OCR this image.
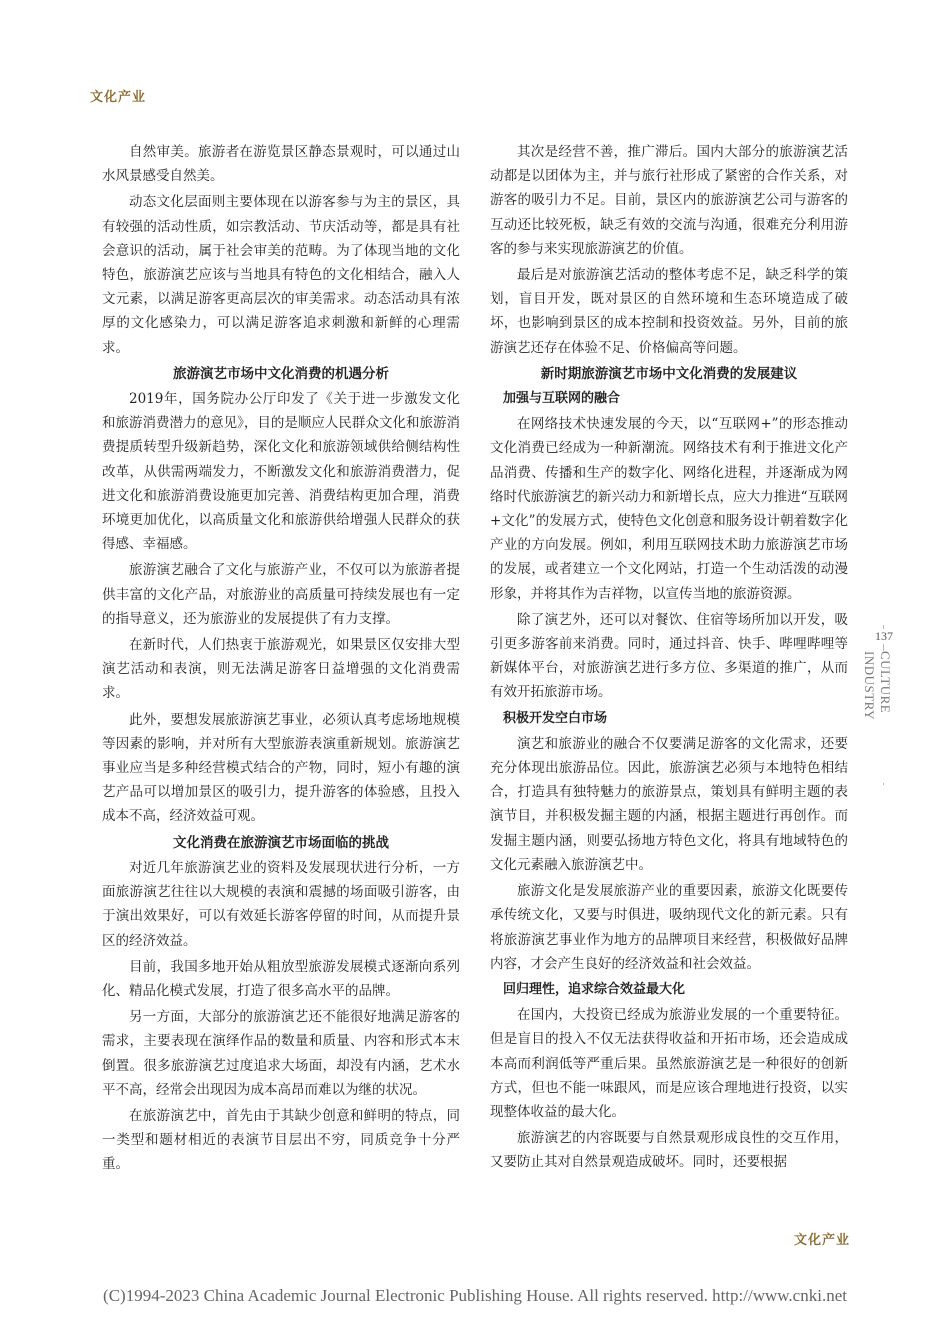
文化产业

自然审美。旅游者在游览景区静态景观时，可以通过山水风景感受自然美。

动态文化层面则主要体现在以游客参与为主的景区，具有较强的活动性质，如宗教活动、节庆活动等，都是具有社会意识的活动，属于社会审美的范畴。为了体现当地的文化特色，旅游演艺应该与当地具有特色的文化相结合，融入人文元素，以满足游客更高层次的审美需求。动态活动具有浓厚的文化感染力，可以满足游客追求刺激和新鲜的心理需求。

旅游演艺市场中文化消费的机遇分析

2019年，国务院办公厅印发了《关于进一步激发文化和旅游消费潜力的意见》，目的是顺应人民群众文化和旅游消费提质转型升级新趋势，深化文化和旅游领域供给侧结构性改革，从供需两端发力，不断激发文化和旅游消费潜力，促进文化和旅游消费设施更加完善、消费结构更加合理，消费环境更加优化，以高质量文化和旅游供给增强人民群众的获得感、幸福感。

旅游演艺融合了文化与旅游产业，不仅可以为旅游者提供丰富的文化产品，对旅游业的高质量可持续发展也有一定的指导意义，还为旅游业的发展提供了有力支撑。

在新时代，人们热衷于旅游观光，如果景区仅安排大型演艺活动和表演，则无法满足游客日益增强的文化消费需求。

此外，要想发展旅游演艺事业，必须认真考虑场地规模等因素的影响，并对所有大型旅游表演重新规划。旅游演艺事业应当是多种经营模式结合的产物，同时，短小有趣的演艺产品可以增加景区的吸引力，提升游客的体验感，且投入成本不高，经济效益可观。

文化消费在旅游演艺市场面临的挑战

对近几年旅游演艺业的资料及发展现状进行分析，一方面旅游演艺往往以大规模的表演和震撼的场面吸引游客，由于演出效果好，可以有效延长游客停留的时间，从而提升景区的经济效益。

目前，我国多地开始从粗放型旅游发展模式逐渐向系列化、精品化模式发展，打造了很多高水平的品牌。

另一方面，大部分的旅游演艺还不能很好地满足游客的需求，主要表现在演绎作品的数量和质量、内容和形式本末倒置。很多旅游演艺过度追求大场面，却没有内涵，艺术水平不高，经常会出现因为成本高昂而难以为继的状况。

在旅游演艺中，首先由于其缺少创意和鲜明的特点，同一类型和题材相近的表演节目层出不穷，同质竞争十分严重。

其次是经营不善，推广滞后。国内大部分的旅游演艺活动都是以团体为主，并与旅行社形成了紧密的合作关系，对游客的吸引力不足。目前，景区内的旅游演艺公司与游客的互动还比较死板，缺乏有效的交流与沟通，很难充分利用游客的参与来实现旅游演艺的价值。

最后是对旅游演艺活动的整体考虑不足，缺乏科学的策划，盲目开发，既对景区的自然环境和生态环境造成了破坏，也影响到景区的成本控制和投资效益。另外，目前的旅游演艺还存在体验不足、价格偏高等问题。

新时期旅游演艺市场中文化消费的发展建议
加强与互联网的融合

在网络技术快速发展的今天，以“互联网+”的形态推动文化消费已经成为一种新潮流。网络技术有利于推进文化产品消费、传播和生产的数字化、网络化进程，并逐渐成为网络时代旅游演艺的新兴动力和新增长点，应大力推进“互联网+文化”的发展方式，使特色文化创意和服务设计朝着数字化产业的方向发展。例如，利用互联网技术助力旅游演艺市场的发展，或者建立一个文化网站，打造一个生动活泼的动漫形象，并将其作为吉祥物，以宣传当地的旅游资源。

除了演艺外，还可以对餐饮、住宿等场所加以开发，吸引更多游客前来消费。同时，通过抖音、快手、哔哩哔哩等新媒体平台，对旅游演艺进行多方位、多渠道的推广，从而有效开拓旅游市场。

积极开发空白市场

演艺和旅游业的融合不仅要满足游客的文化需求，还要充分体现出旅游品位。因此，旅游演艺必须与本地特色相结合，打造具有独特魅力的旅游景点，策划具有鲜明主题的表演节目，并积极发掘主题的内涵，根据主题进行再创作。而发掘主题内涵，则要弘扬地方特色文化，将具有地域特色的文化元素融入旅游演艺中。

旅游文化是发展旅游产业的重要因素，旅游文化既要传承传统文化，又要与时俱进，吸纳现代文化的新元素。只有将旅游演艺事业作为地方的品牌项目来经营，积极做好品牌内容，才会产生良好的经济效益和社会效益。

回归理性，追求综合效益最大化

在国内，大投资已经成为旅游业发展的一个重要特征。但是盲目的投入不仅无法获得收益和开拓市场，还会造成成本高而利润低等严重后果。虽然旅游演艺是一种很好的创新方式，但也不能一味跟风，而是应该合理地进行投资，以实现整体收益的最大化。

旅游演艺的内容既要与自然景观形成良性的交互作用，又要防止其对自然景观造成破坏。同时，还要根据

137
CULTURE INDUSTRY
文化产业
(C)1994-2023 China Academic Journal Electronic Publishing House. All rights reserved. http://www.cnki.net
